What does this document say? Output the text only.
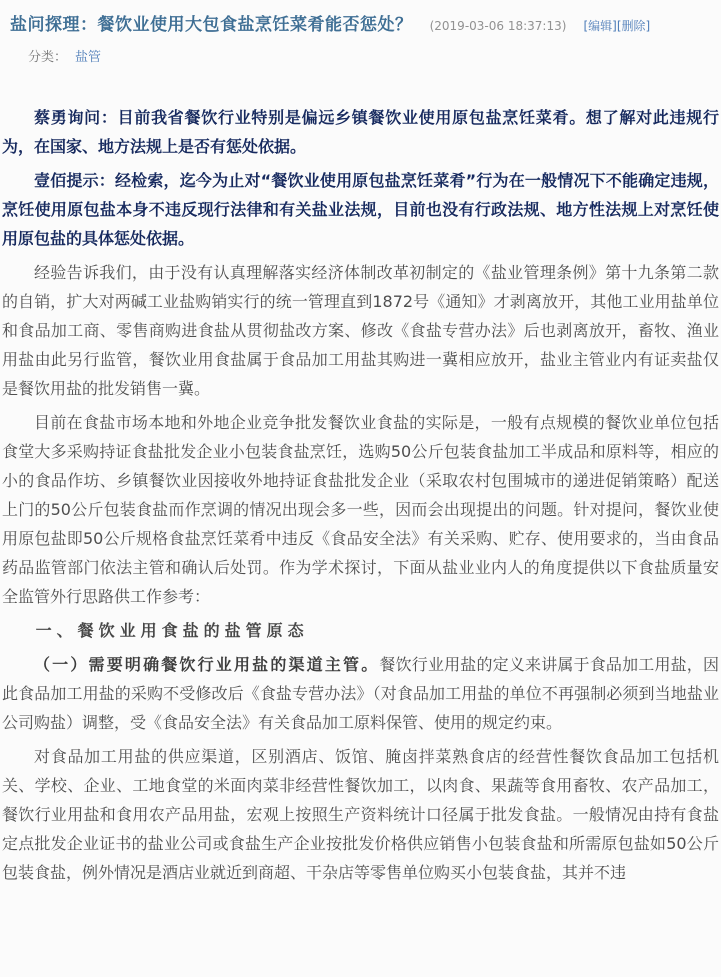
盐问探理：餐饮业使用大包食盐烹饪菜肴能否惩处？ (2019-03-06 18:37:13) [编辑][删除]
分类： 盐管

蔡勇询问：目前我省餐饮行业特别是偏远乡镇餐饮业使用原包盐烹饪菜肴。想了解对此违规行为，在国家、地方法规上是否有惩处依据。

壹佰提示：经检索，迄今为止对“餐饮业使用原包盐烹饪菜肴”行为在一般情况下不能确定违规，烹饪使用原包盐本身不违反现行法律和有关盐业法规，目前也没有行政法规、地方性法规上对烹饪使用原包盐的具体惩处依据。

经验告诉我们，由于没有认真理解落实经济体制改革初制定的《盐业管理条例》第十九条第二款的自销，扩大对两碱工业盐购销实行的统一管理直到1872号《通知》才剥离放开，其他工业用盐单位和食品加工商、零售商购进食盐从贯彻盐改方案、修改《食盐专营办法》后也剥离放开，畜牧、渔业用盐由此另行监管，餐饮业用食盐属于食品加工用盐其购进一冀相应放开，盐业主管业内有证卖盐仅是餐饮用盐的批发销售一冀。

目前在食盐市场本地和外地企业竞争批发餐饮业食盐的实际是，一般有点规模的餐饮业单位包括食堂大多采购持证食盐批发企业小包装食盐烹饪，选购50公斤包装食盐加工半成品和原料等，相应的小的食品作坊、乡镇餐饮业因接收外地持证食盐批发企业（采取农村包围城市的递进促销策略）配送上门的50公斤包装食盐而作烹调的情况出现会多一些，因而会出现提出的问题。针对提问，餐饮业使用原包盐即50公斤规格食盐烹饪菜肴中违反《食品安全法》有关采购、贮存、使用要求的，当由食品药品监管部门依法主管和确认后处罚。作为学术探讨，下面从盐业业内人的角度提供以下食盐质量安全监管外行思路供工作参考：

一、餐饮业用食盐的盐管原态

（一）需要明确餐饮行业用盐的渠道主管。餐饮行业用盐的定义来讲属于食品加工用盐，因此食品加工用盐的采购不受修改后《食盐专营办法》（对食品加工用盐的单位不再强制必须到当地盐业公司购盐）调整，受《食品安全法》有关食品加工原料保管、使用的规定约束。

对食品加工用盐的供应渠道，区别酒店、饭馆、腌卤拌菜熟食店的经营性餐饮食品加工包括机关、学校、企业、工地食堂的米面肉菜非经营性餐饮加工，以肉食、果蔬等食用畜牧、农产品加工，餐饮行业用盐和食用农产品用盐，宏观上按照生产资料统计口径属于批发食盐。一般情况由持有食盐定点批发企业证书的盐业公司或食盐生产企业按批发价格供应销售小包装食盐和所需原包盐如50公斤包装食盐，例外情况是酒店业就近到商超、干杂店等零售单位购买小包装食盐，其并不违
